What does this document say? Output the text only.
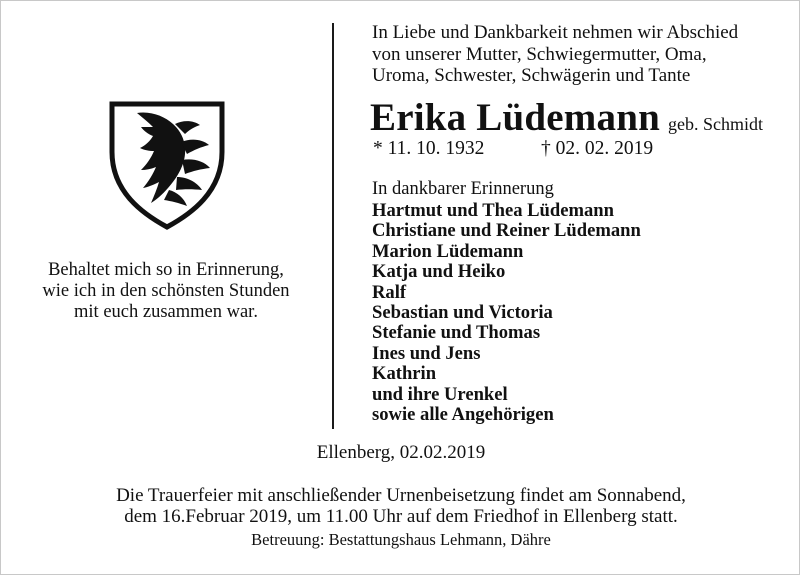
Behaltet mich so in Erinnerung,
wie ich in den schönsten Stunden
mit euch zusammen war.
In Liebe und Dankbarkeit nehmen wir Abschied
von unserer Mutter, Schwiegermutter, Oma,
Uroma, Schwester, Schwägerin und Tante
Erika Lüdemann geb. Schmidt
* 11. 10. 1932	† 02. 02. 2019
In dankbarer Erinnerung
Hartmut und Thea Lüdemann
Christiane und Reiner Lüdemann
Marion Lüdemann
Katja und Heiko
Ralf
Sebastian und Victoria
Stefanie und Thomas
Ines und Jens
Kathrin
und ihre Urenkel
sowie alle Angehörigen
Ellenberg, 02.02.2019
Die Trauerfeier mit anschließender Urnenbeisetzung findet am Sonnabend,
dem 16.Februar 2019, um 11.00 Uhr auf dem Friedhof in Ellenberg statt.
Betreuung: Bestattungshaus Lehmann, Dähre
